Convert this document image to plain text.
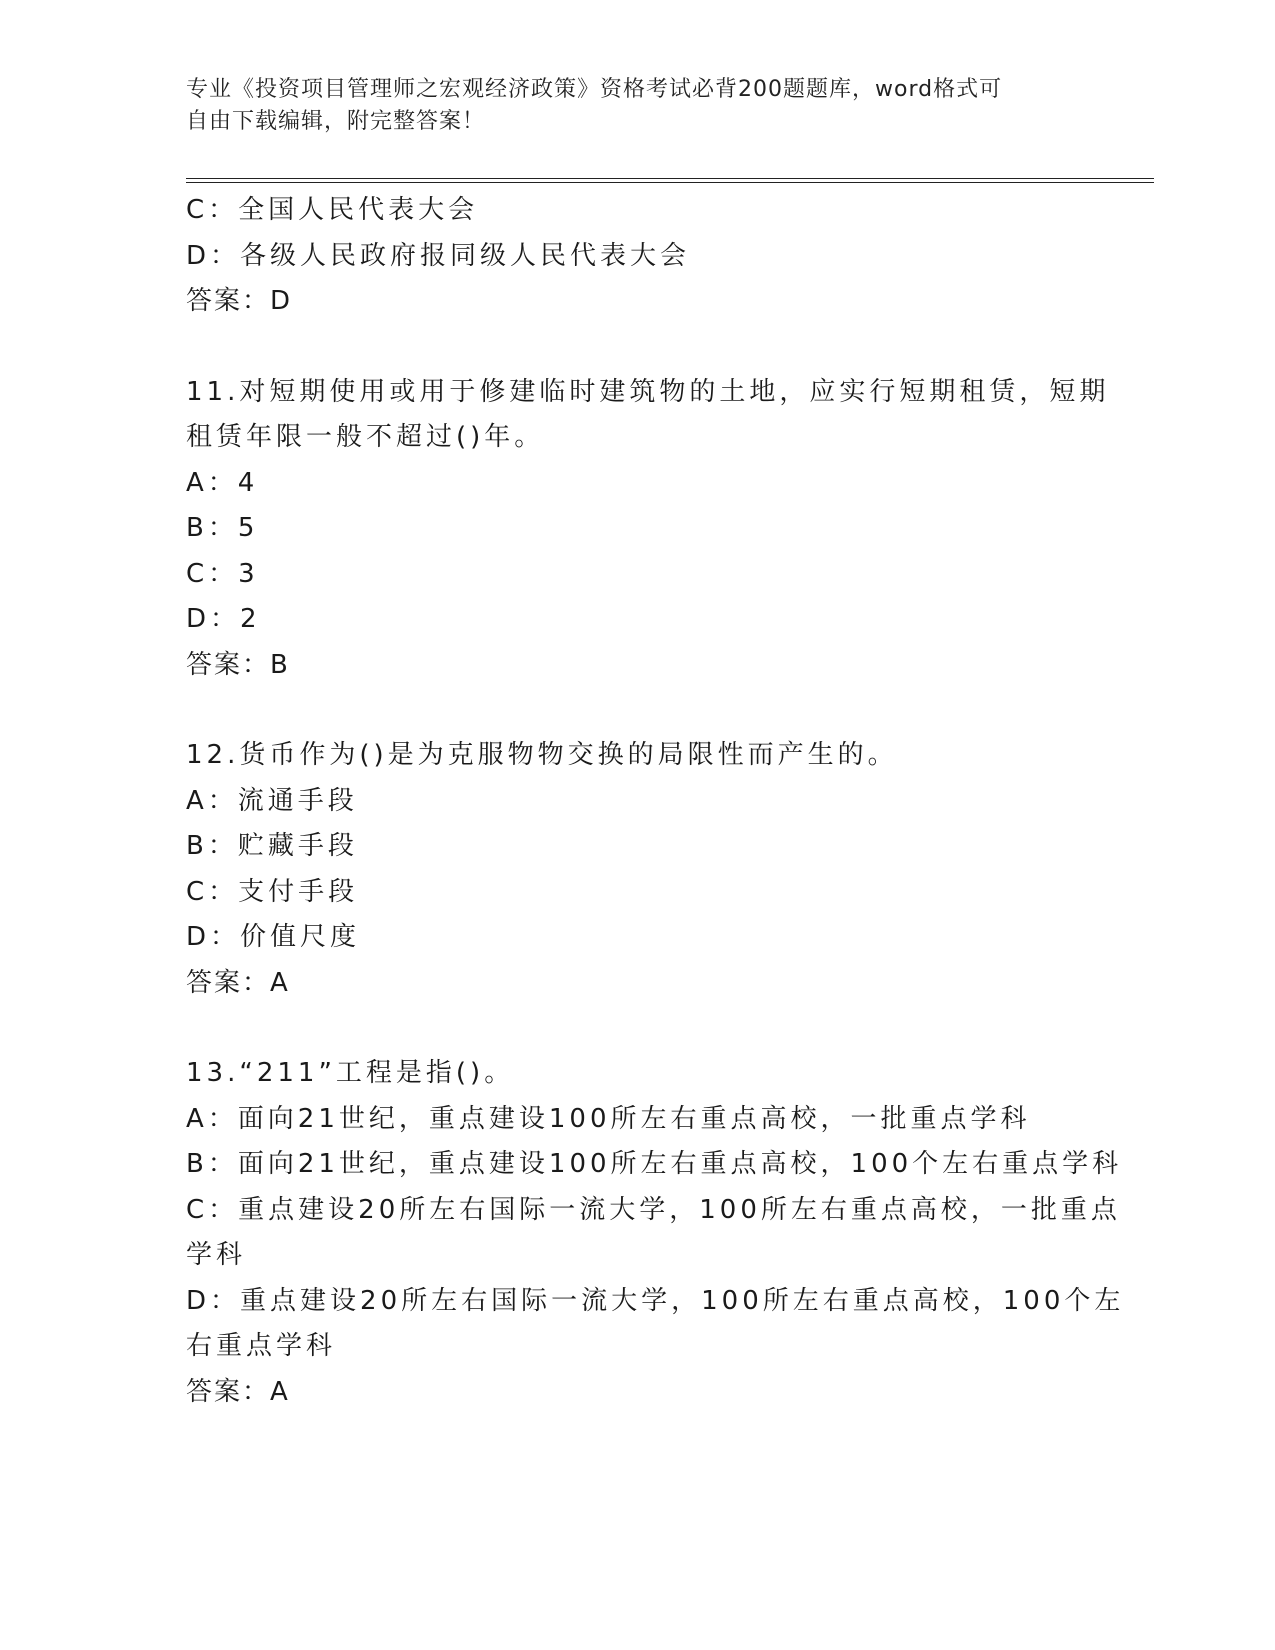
专业《投资项目管理师之宏观经济政策》资格考试必背200题题库，word格式可
自由下载编辑，附完整答案！

C：全国人民代表大会

D：各级人民政府报同级人民代表大会

答案：D

11.对短期使用或用于修建临时建筑物的土地，应实行短期租赁，短期

租赁年限一般不超过()年。

A：4

B：5

C：3

D：2

答案：B

12.货币作为()是为克服物物交换的局限性而产生的。

A：流通手段

B：贮藏手段

C：支付手段

D：价值尺度

答案：A

13.“211”工程是指()。

A：面向21世纪，重点建设100所左右重点高校，一批重点学科

B：面向21世纪，重点建设100所左右重点高校，100个左右重点学科

C：重点建设20所左右国际一流大学，100所左右重点高校，一批重点

学科

D：重点建设20所左右国际一流大学，100所左右重点高校，100个左

右重点学科

答案：A
